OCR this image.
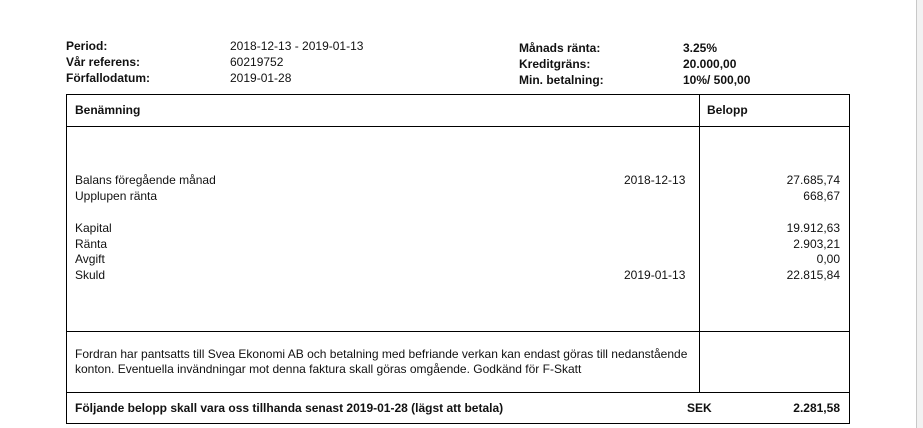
Period:	2018-12-13 - 2019-01-13
Vår referens:	60219752
Förfallodatum:	2019-01-28
Månads ränta:	3.25%
Kreditgräns:	20.000,00
Min. betalning:	10%/ 500,00
Benämning	Belopp
Balans föregående månad	2018-12-13	27.685,74
Upplupen ränta	668,67
Kapital	19.912,63
Ränta	2.903,21
Avgift	0,00
Skuld	2019-01-13	22.815,84
Fordran har pantsatts till Svea Ekonomi AB och betalning med befriande verkan kan endast göras till nedanstående
konton. Eventuella invändningar mot denna faktura skall göras omgående. Godkänd för F-Skatt
Följande belopp skall vara oss tillhanda senast 2019-01-28 (lägst att betala)	SEK	2.281,58
